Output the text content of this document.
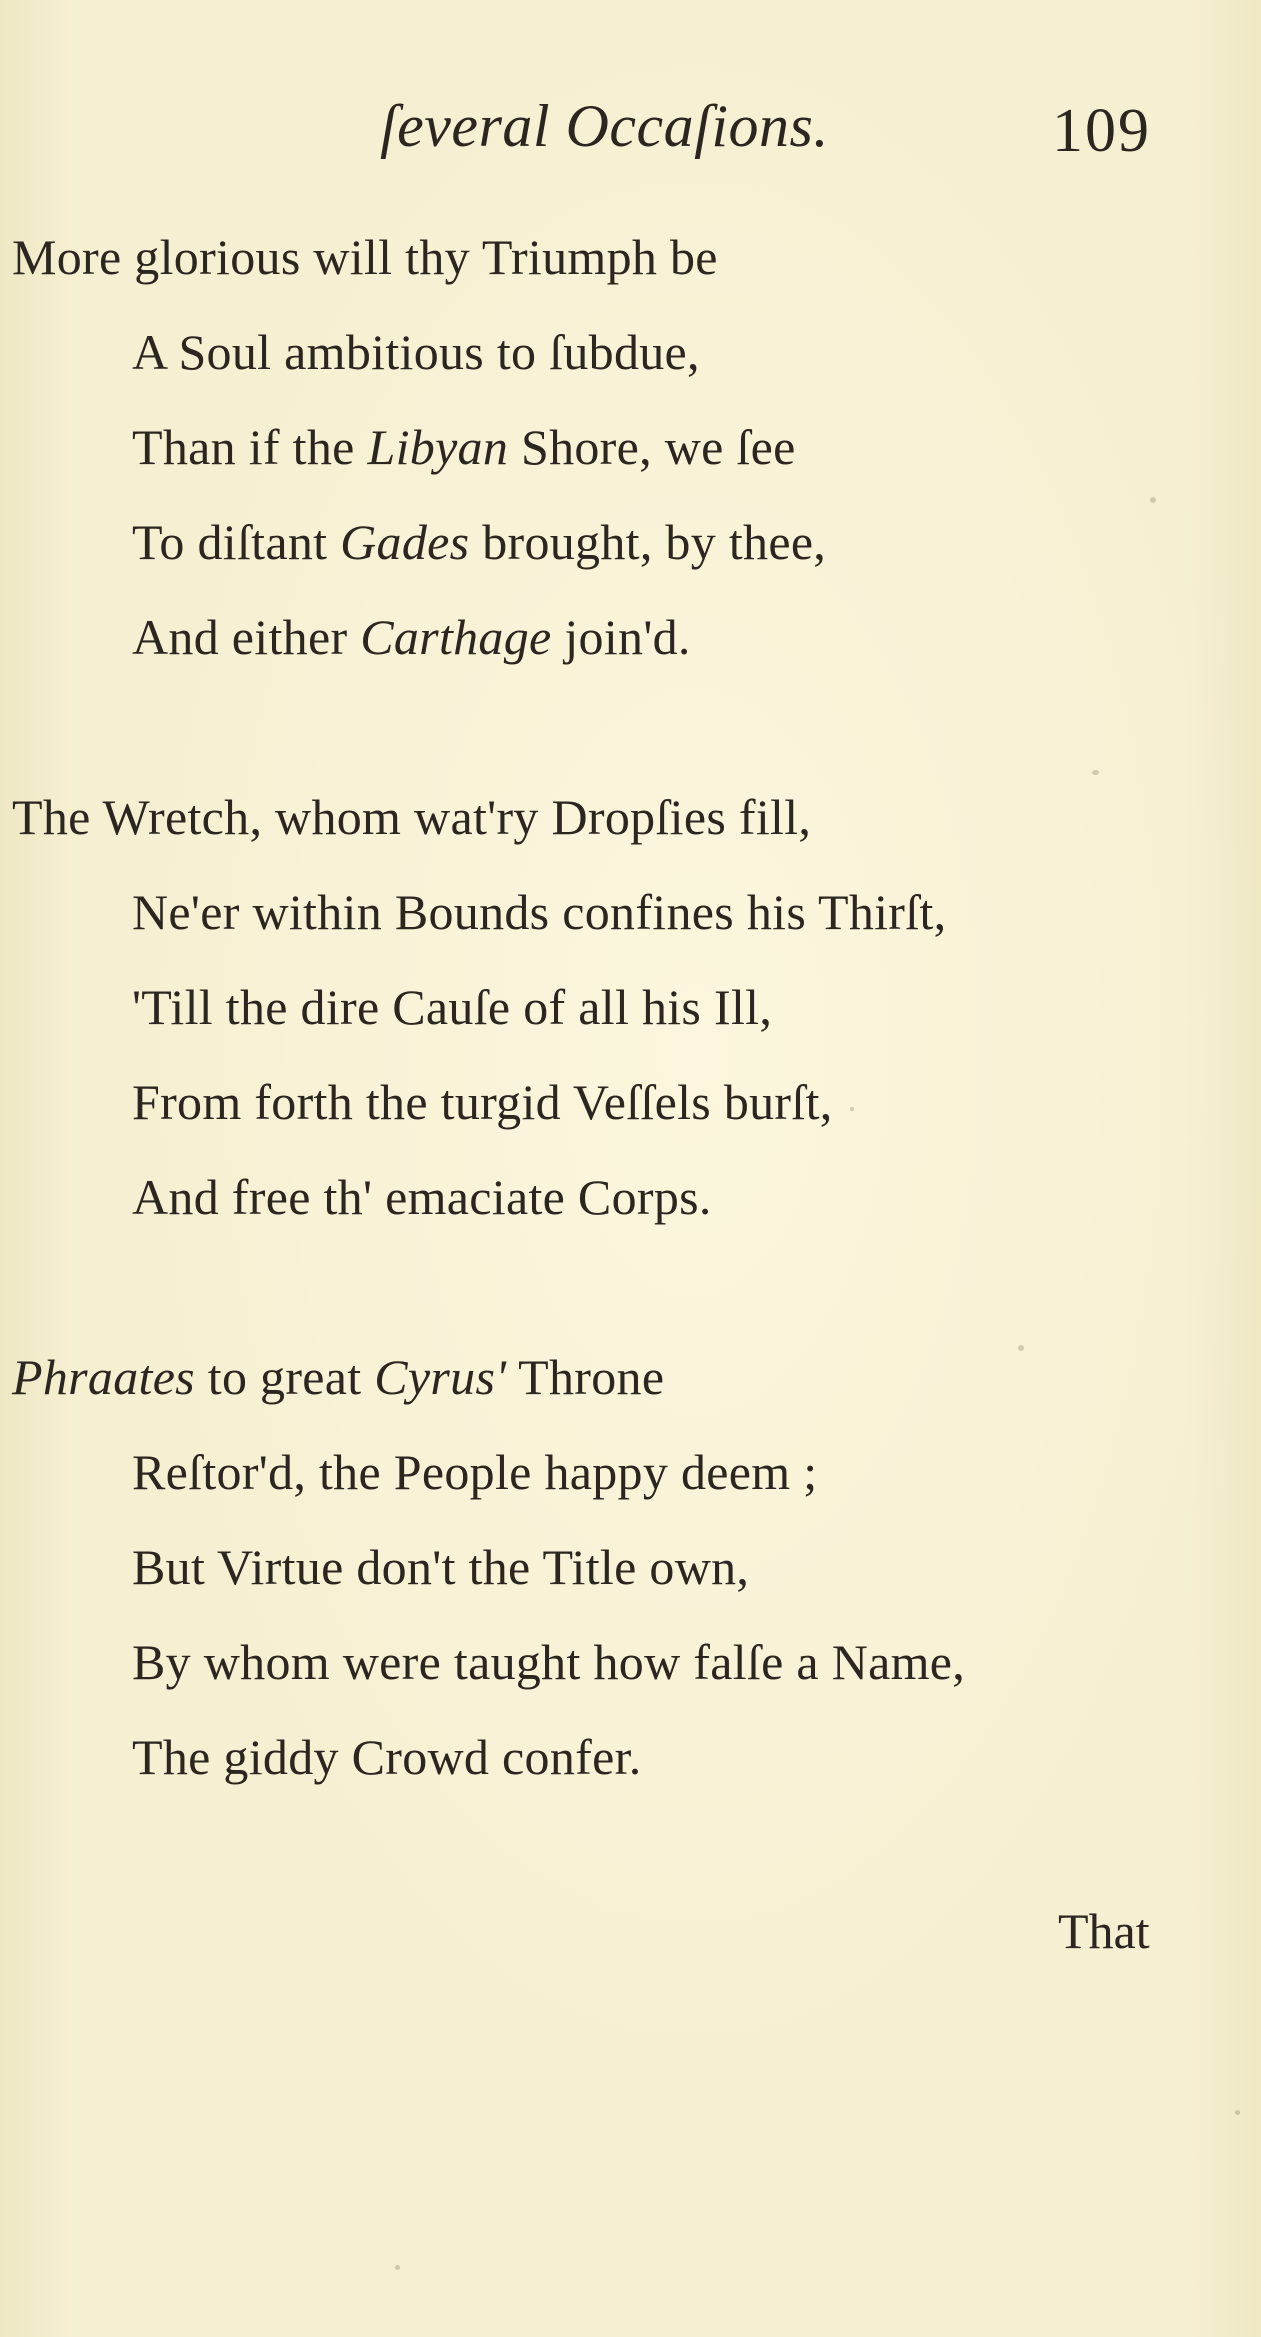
ſeveral Occaſions.	109
More glorious will thy Triumph be
A Soul ambitious to ſubdue,
Than if the Libyan Shore, we ſee
To diſtant Gades brought, by thee,
And either Carthage join'd.
The Wretch, whom wat'ry Dropſies fill,
Ne'er within Bounds confines his Thirſt,
'Till the dire Cauſe of all his Ill,
From forth the turgid Veſſels burſt,
And free th' emaciate Corps.
Phraates to great Cyrus' Throne
Reſtor'd, the People happy deem ;
But Virtue don't the Title own,
By whom were taught how falſe a Name,
The giddy Crowd confer.
That
